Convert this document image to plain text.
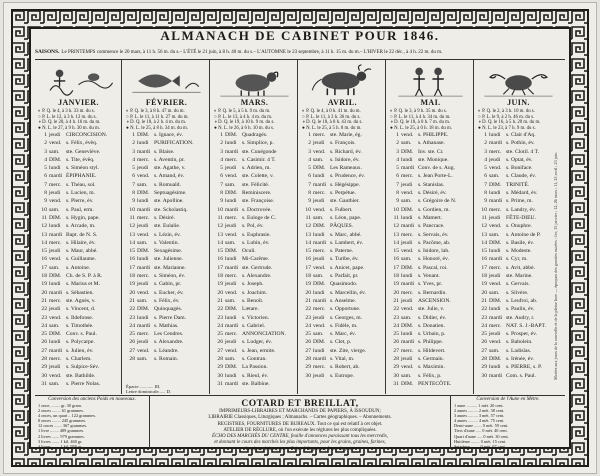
ALMANACH DE CABINET POUR 1846.
SAISONS. Le PRINTEMPS commence le 20 mars, à 11 h. 56 m. du s.– L'ÉTÉ le 21 juin, à 8 h. 40 m. du s.– L'AUTOMNE le 23 septembre, à 11 h. 15 m. du m.– L'HIVER le 22 déc., à 4 h. 22 m. du m.
JANVIER.
◐ P. Q. le 4, à 3 h. 33 m. du s.
○ P. L. le 12, à 3 h. 13 m. du s.
◑ D. Q. le 20, à 4 h. 16 m. du m.
● N. L. le 27, à 9 h. 30 m. du m.
1 jeudi CIRCONCISION.
2 vend. s. Félix, évêq.
3 sam. ste. Geneviève.
4 DIM. s. Tite, évêq.
5 lundi s. Siméon styl.
6 mardi ÉPIPHANIE.
7 merc. s. Théau, sol.
8 jeudi s. Lucien, m.
9 vend. s. Pierre, év.
10 sam. s. Paul, erm.
11 DIM. s. Hygin, pape.
12 lundi s. Arcade, m.
13 mardi Bapt. de N. S.
14 merc. s. Hilaire, év.
15 jeudi s. Maur, abbé.
16 vend. s. Guillaume.
17 sam. s. Antoine.
18 DIM. Ch. de S. P. à R.
19 lundi s. Marius et M.
20 mardi s. Sébastien.
21 merc. ste. Agnès, v.
22 jeudi s. Vincent, d.
23 vend. s. Ildefonse.
24 sam. s. Timothée.
25 DIM. Conv. s. Paul.
26 lundi s. Polycarpe.
27 mardi s. Julien, év.
28 merc. s. Charlem.
29 jeudi s. Sulpice-Sév.
30 vend. ste. Bathilde.
31 sam. s. Pierre Nolas.
FÉVRIER.
◐ P. Q. le 3, à 8 h. 47 m. du m.
○ P. L. le 11, à 11 h. 27 m. du m.
◑ D. Q. le 18, à 2 h. 4 m. du m.
● N. L. le 25, à 8 h. 34 m. du m.
1 DIM. s. Ignace, év.
2 lundi PURIFICATION.
3 mardi s. Blaise.
4 merc. s. Aventin, pr.
5 jeudi ste. Agathe, v.
6 vend. s. Amand, év.
7 sam. s. Romuald.
8 DIM. Septuagésime.
9 lundi ste. Apolline.
10 mardi ste. Scholastiq.
11 merc. s. Désiré.
12 jeudi ste. Eulalie.
13 vend. s. Lézin, év.
14 sam. s. Valentin.
15 DIM. Sexagésime.
16 lundi ste. Julienne.
17 mardi ste. Marianne.
18 merc. s. Siméon, év.
19 jeudi s. Gabin, pr.
20 vend. s. Eucher, év.
21 sam. s. Félix, év.
22 DIM. Quinquagés.
23 lundi s. Pierre Dam.
24 mardi s. Mathias.
25 merc. Les Cendres.
26 jeudi s. Alexandre.
27 vend. s. Léandre.
28 sam. s. Romain.
Épacte ............ III.
Lettre dominicale...... D.
MARS.
◐ P. Q. le 5, à 5 h. 9 m. du m.
○ P. L. le 13, à 4 h. 4 m. du m.
◑ D. Q. le 19, à 10 h. 9 m. du s.
● N. L. le 26, à 6 h. 10 m. du s.
1 DIM. Quadragés.
2 lundi s. Simplice, p.
3 mardi ste. Cunégonde
4 merc. s. Casimir. 4 T.
5 jeudi s. Adrien, m.
6 vend. ste. Colette, v.
7 sam. ste. Félicité.
8 DIM. Reminiscere.
9 lundi ste. Françoise.
10 mardi s. Doctrovée.
11 merc. s. Euloge de C.
12 jeudi s. Pol, év.
13 vend. s. Euphrasie.
14 sam. s. Lubin, év.
15 DIM. Oculi.
16 lundi Mi-Carême.
17 mardi ste. Gertrude.
18 merc. s. Alexandre.
19 jeudi s. Joseph.
20 vend. s. Joachim.
21 sam. s. Benoît.
22 DIM. Lætare.
23 lundi s. Victorien.
24 mardi s. Gabriel.
25 merc. ANNONCIATION.
26 jeudi s. Ludger, év.
27 vend. s. Jean, ermite.
28 sam. s. Gontran.
29 DIM. La Passion.
30 lundi s. Rieul, év.
31 mardi ste. Balbine.
AVRIL.
◐ P. Q. le 4, à 0 h. 41 m. du m.
○ P. L. le 11, à 3 h. 36 m. du s.
◑ D. Q. le 18, à 8 h. 43 m. du s.
● N. L. le 25, à 5 h. 8 m. du m.
1 merc. ste. Marie, ég.
2 jeudi s. François.
3 vend. s. Richard, év.
4 sam. s. Isidore, év.
5 DIM. Les Rameaux.
6 lundi s. Prudence, év.
7 mardi s. Hégésippe.
8 merc. s. Perpétue.
9 jeudi ste. Gauthier.
10 vend. s. Fulbert.
11 sam. s. Léon, pape.
12 DIM. PÂQUES.
13 lundi s. Marc, abbé.
14 mardi s. Lambert, év.
15 merc. s. Paterne.
16 jeudi s. Turibe, év.
17 vend. s. Anicet, pape.
18 sam. s. Parfait, pr.
19 DIM. Quasimodo.
20 lundi s. Marcellin, év.
21 mardi s. Anselme.
22 merc. s. Opportune.
23 jeudi s. Georges, m.
24 vend. s. Fidèle, m.
25 sam. s. Marc, év.
26 DIM. s. Clet, p.
27 lundi ste. Zite, vierge.
28 mardi s. Vital, m.
29 merc. s. Robert, ab.
30 jeudi s. Eutrope.
MAI.
◐ P. Q. le 3, à 9 h. 35 m. du s.
○ P. L. le 11, à 4 h. 34 m. du m.
◑ D. Q. le 18, à 0 h. 7 m. du m.
● N. L. le 25, à 0 h. 18 m. du m.
1 vend. s. PHILIPPE.
2 sam. s. Athanase.
3 DIM. Inv. ste. Cr.
4 lundi ste. Monique.
5 mardi Conv. de s. Aug.
6 merc. s. Jean Porte-L.
7 jeudi s. Stanislas.
8 vend. s. Désiré, év.
9 sam. s. Grégoire de N.
10 DIM. s. Gordien, m.
11 lundi s. Mamert.
12 mardi s. Pancrace.
13 merc. s. Servais, év.
14 jeudi s. Pacôme, ab.
15 vend. s. Isidore, lab.
16 sam. s. Honoré, év.
17 DIM. s. Pascal, roi.
18 lundi s. Venant.
19 mardi s. Yves, pr.
20 merc. s. Bernardin.
21 jeudi ASCENSION.
22 vend. ste. Julie, v.
23 sam. s. Didier, év.
24 DIM. s. Donatien.
25 lundi s. Urbain, p.
26 mardi s. Philippe.
27 merc. s. Hildevert.
28 jeudi s. Germain.
29 vend. s. Maximin.
30 sam. s. Félix, p.
31 DIM. PENTECÔTE.
JUIN.
◐ P. Q. le 2, à 3 h. 10 m. du s.
○ P. L. le 9, à 2 h. 46 m. du s.
◑ D. Q. le 16, à 5 h. 20 m. du m.
● N. L. le 23, à 7 h. 9 m. du s.
1 lundi s. Clair d'Aq.
2 mardi s. Pothin, év.
3 merc. ste. Clotil. 4 T.
4 jeudi s. Optat, év.
5 vend. s. Boniface.
6 sam. s. Claude, év.
7 DIM. TRINITÉ.
8 lundi s. Médard, év.
9 mardi s. Prime, m.
10 merc. s. Landry, év.
11 jeudi FÊTE-DIEU.
12 vend. s. Onuphre.
13 sam. s. Antoine de P.
14 DIM. s. Basile, év.
15 lundi s. Modeste.
16 mardi s. Cyr, m.
17 merc. s. Avit, abbé.
18 jeudi ste. Marine.
19 vend. s. Gervais.
20 sam. s. Silvère.
21 DIM. s. Leufroi, ab.
22 lundi s. Paulin, év.
23 mardi ste. Audry, r.
24 merc. NAT. S. J.-BAPT.
25 jeudi s. Prosper, év.
26 vend. s. Babolein.
27 sam. s. Ladislas.
28 DIM. s. Irénée, év.
29 lundi s. PIERRE, s. P.
30 mardi Com. s. Paul.	Marées aux jours de la nouvelle et de la pleine lune — époques des grandes marées : 1er, 15 janvier ; 12, 26 mars ; 11, 25 avril ; 23 juin.
Conversion des anciens Poids en nouveaux.
1 once, ........ gr. 30 gram.
2 onces ........ 61 grammes.
4 onces, un quart .. 122 grammes.
8 onces ........ 245 grammes.
12 onces ....... 367 grammes.
1 livre ........ 489 grammes.
2 livres ....... 979 grammes.
3 livres ....... 1 kil. 468 gr.
4 livres ....... 1 kil. 958 gr.
COTARD ET BREILLAT,
IMPRIMEURS-LIBRAIRES ET MARCHANDS DE PAPIERS, À ISSOUDUN;
LIBRAIRIE Classiques, Liturgiques ; Almanachs. – Cartes géographiques. – Abonnements.
REGISTRES, FOURNITURES DE BUREAUX. Tout ce qui est relatif à cet objet.
ATELIER DE RÉGLURE, où l'on exécute les réglures les plus compliquées.
ÉCHO DES MARCHÉS DU CENTRE, feuille d'annonces paraissant tous les mercredis,
et donnant le cours des marchés les plus importants, pour les grains, graines, farines,
bestiaux, laines, etc. – Prix : 8 fr. par an, franc de port.
Conversion de l'Aune en Mètre.
1 aune .......... 1 mèt. 20 cent.
2 aunes ......... 2 mèt. 38 cent.
3 aunes ......... 3 mèt. 57 cent.
4 aunes ......... 4 mèt. 75 cent.
Demi-aune ....... 0 mèt. 59 cent.
Tiers d'aune ..... 0 mèt. 40 cent.
Quart d'aune ..... 0 mèt. 30 cent.
Huitième ........ 0 mèt. 15 cent.
Seizième ........ 0 mèt. 07 cent.
